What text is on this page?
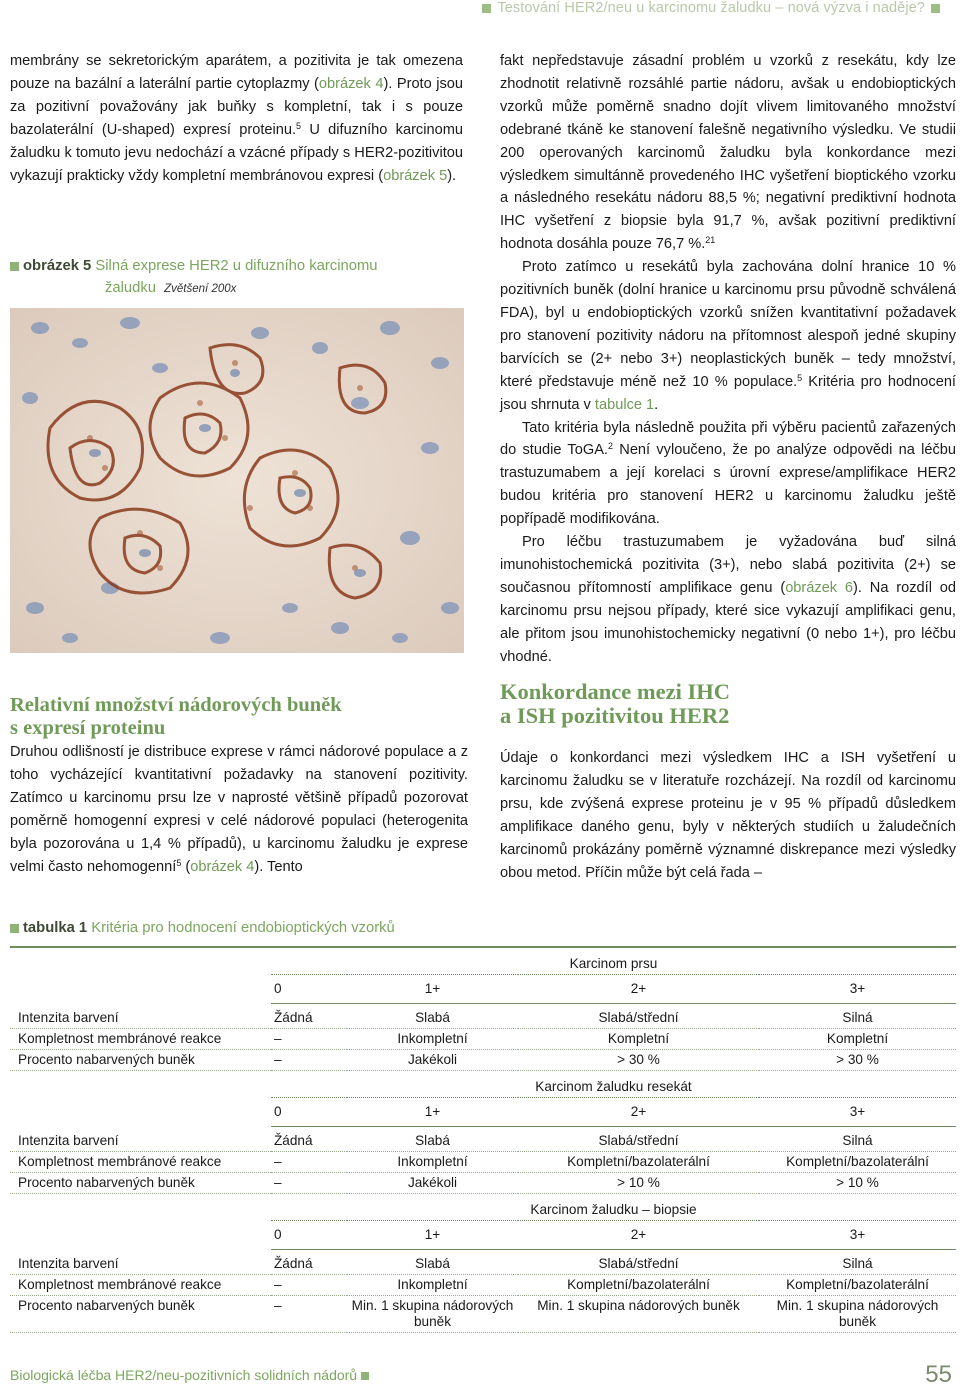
Testování HER2/neu u karcinomu žaludku – nová výzva i naděje?

membrány se sekretorickým aparátem, a pozitivita je tak omezena pouze na bazální a laterální partie cytoplazmy (obrázek 4). Proto jsou za pozitivní považovány jak buňky s kompletní, tak i s pouze bazolaterální (U-shaped) expresí proteinu.$^5$ U difuzního karcinomu žaludku k tomuto jevu nedochází a vzácné případy s HER2-pozitivitou vykazují prakticky vždy kompletní membránovou expresi (obrázek 5).

obrázek 5 Silná exprese HER2 u difuzního karcinomu
žaludku Zvětšení 200x
Relativní množství nádorových buněk
s expresí proteinu

Druhou odlišností je distribuce exprese v rámci nádorové populace a z toho vycházející kvantitativní požadavky na stanovení pozitivity. Zatímco u karcinomu prsu lze v naprosté většině případů pozorovat poměrně homogenní expresi v celé nádorové populaci (heterogenita byla pozorována u 1,4 % případů), u karcinomu žaludku je exprese velmi často nehomogenní$^5$ (obrázek 4). Tento

fakt nepředstavuje zásadní problém u vzorků z resekátu, kdy lze zhodnotit relativně rozsáhlé partie nádoru, avšak u endobioptických vzorků může poměrně snadno dojít vlivem limitovaného množství odebrané tkáně ke stanovení falešně negativního výsledku. Ve studii 200 operovaných karcinomů žaludku byla konkordance mezi výsledkem simultánně provedeného IHC vyšetření bioptického vzorku a následného resekátu nádoru 88,5 %; negativní prediktivní hodnota IHC vyšetření z biopsie byla 91,7 %, avšak pozitivní prediktivní hodnota dosáhla pouze 76,7 %.$^{21}$

Proto zatímco u resekátů byla zachována dolní hranice 10 % pozitivních buněk (dolní hranice u karcinomu prsu původně schválená FDA), byl u endobioptických vzorků snížen kvantitativní požadavek pro stanovení pozitivity nádoru na přítomnost alespoň jedné skupiny barvících se (2+ nebo 3+) neoplastických buněk – tedy množství, které představuje méně než 10 % populace.$^5$ Kritéria pro hodnocení jsou shrnuta v tabulce 1.

Tato kritéria byla následně použita při výběru pacientů zařazených do studie ToGA.$^2$ Není vyloučeno, že po analýze odpovědi na léčbu trastuzumabem a její korelaci s úrovní exprese/amplifikace HER2 budou kritéria pro stanovení HER2 u karcinomu žaludku ještě popřípadě modifikována.

Pro léčbu trastuzumabem je vyžadována buď silná imunohistochemická pozitivita (3+), nebo slabá pozitivita (2+) se současnou přítomností amplifikace genu (obrázek 6). Na rozdíl od karcinomu prsu nejsou případy, které sice vykazují amplifikaci genu, ale přitom jsou imunohistochemicky negativní (0 nebo 1+), pro léčbu vhodné.

Konkordance mezi IHC
a ISH pozitivitou HER2

Údaje o konkordanci mezi výsledkem IHC a ISH vyšetření u karcinomu žaludku se v literatuře rozcházejí. Na rozdíl od karcinomu prsu, kde zvýšená exprese proteinu je v 95 % případů důsledkem amplifikace daného genu, byly v některých studiích u žaludečních karcinomů prokázány poměrně významné diskrepance mezi výsledky obou metod. Příčin může být celá řada –

tabulka 1 Kritéria pro hodnocení endobioptických vzorků

	Karcinom prsu			
	0	1+	2+	3+

Intenzita barvení	Žádná	Slabá	Slabá/střední	Silná
Kompletnost membránové reakce	–	Inkompletní	Kompletní	Kompletní
Procento nabarvených buněk	–	Jakékoli	> 30 %	> 30 %
	Karcinom žaludku resekát			
	0	1+	2+	3+

Intenzita barvení	Žádná	Slabá	Slabá/střední	Silná
Kompletnost membránové reakce	–	Inkompletní	Kompletní/bazolaterální	Kompletní/bazolaterální
Procento nabarvených buněk	–	Jakékoli	> 10 %	> 10 %
	Karcinom žaludku – biopsie			
	0	1+	2+	3+

Intenzita barvení	Žádná	Slabá	Slabá/střední	Silná
Kompletnost membránové reakce	–	Inkompletní	Kompletní/bazolaterální	Kompletní/bazolaterální
Procento nabarvených buněk	–	Min. 1 skupina nádorových buněk	Min. 1 skupina nádorových buněk	Min. 1 skupina nádorových buněk
Biologická léčba HER2/neu-pozitivních solidních nádorů	55
